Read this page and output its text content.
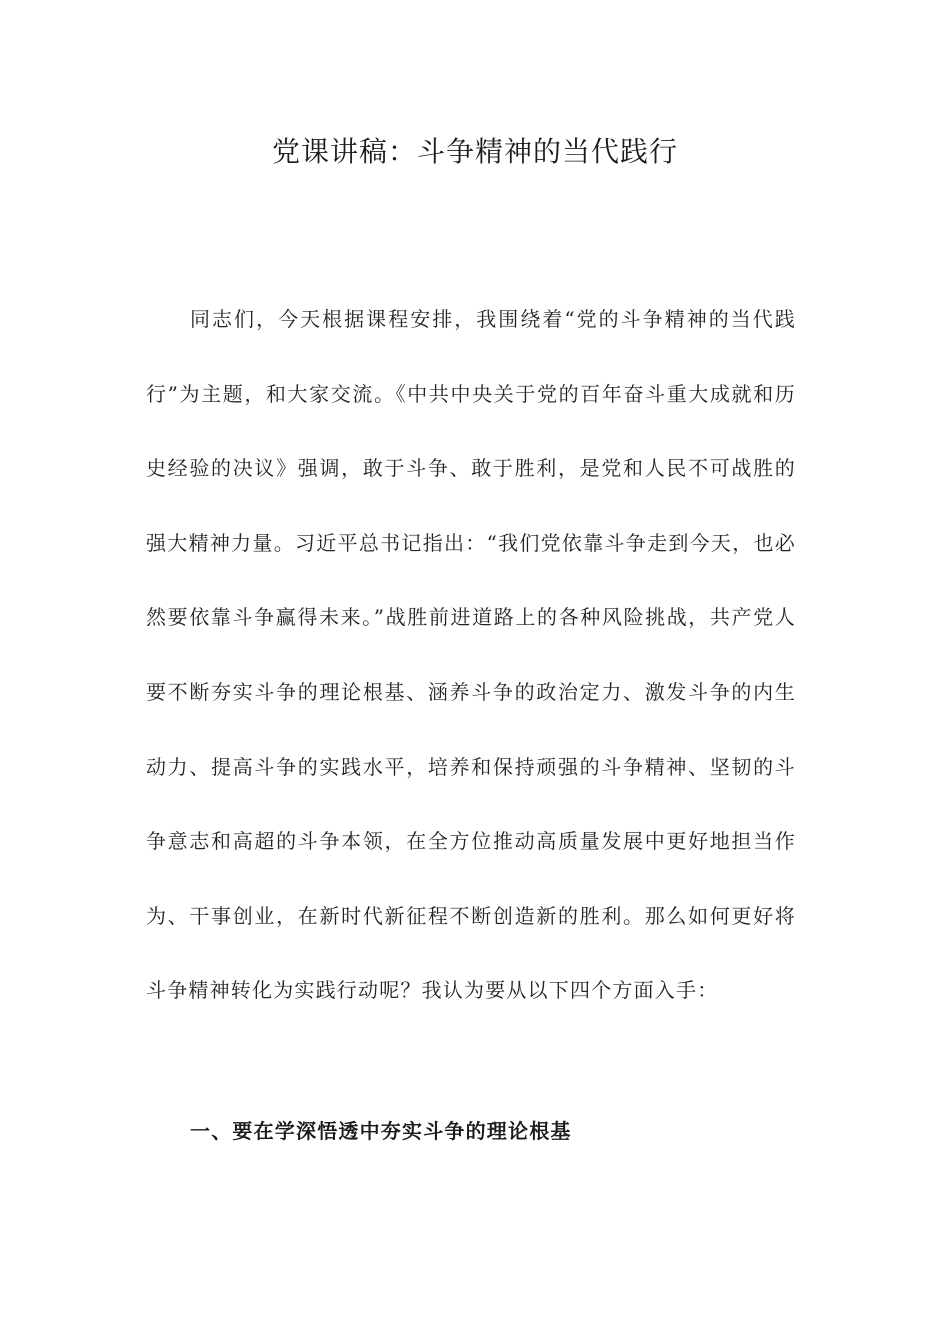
党课讲稿：斗争精神的当代践行

同志们，今天根据课程安排，我围绕着“党的斗争精神的当代践行”为主题，和大家交流。《中共中央关于党的百年奋斗重大成就和历史经验的决议》强调，敢于斗争、敢于胜利，是党和人民不可战胜的强大精神力量。习近平总书记指出：“我们党依靠斗争走到今天，也必然要依靠斗争赢得未来。”战胜前进道路上的各种风险挑战，共产党人要不断夯实斗争的理论根基、涵养斗争的政治定力、激发斗争的内生动力、提高斗争的实践水平，培养和保持顽强的斗争精神、坚韧的斗争意志和高超的斗争本领，在全方位推动高质量发展中更好地担当作为、干事创业，在新时代新征程不断创造新的胜利。那么如何更好将斗争精神转化为实践行动呢？我认为要从以下四个方面入手：

一、要在学深悟透中夯实斗争的理论根基
